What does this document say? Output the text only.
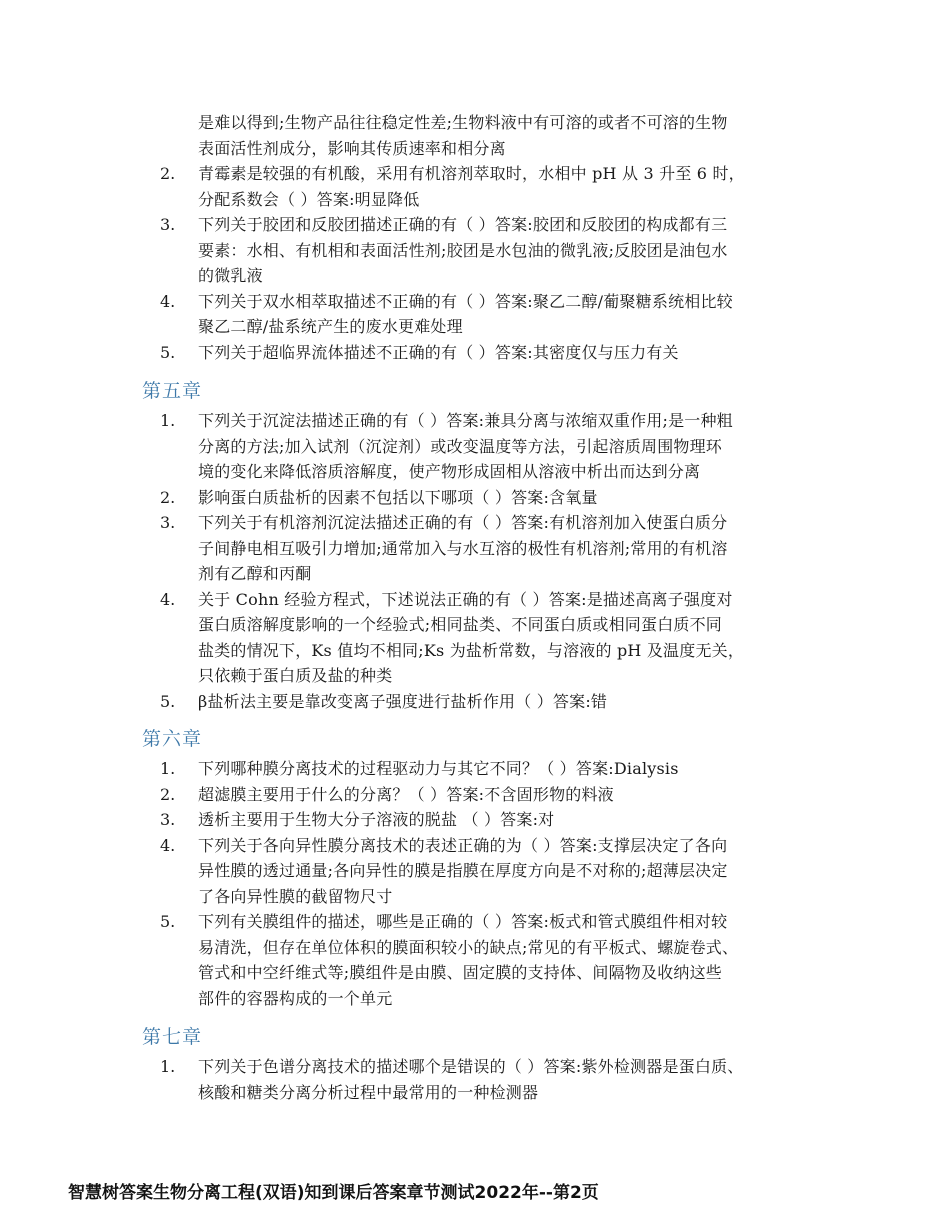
是难以得到;生物产品往往稳定性差;生物料液中有可溶的或者不可溶的生物
表面活性剂成分，影响其传质速率和相分离
2.	青霉素是较强的有机酸，采用有机溶剂萃取时，水相中 pH 从 3 升至 6 时，
分配系数会（ ）答案:明显降低
3.	下列关于胶团和反胶团描述正确的有（ ）答案:胶团和反胶团的构成都有三
要素：水相、有机相和表面活性剂;胶团是水包油的微乳液;反胶团是油包水
的微乳液
4.	下列关于双水相萃取描述不正确的有（ ）答案:聚乙二醇/葡聚糖系统相比较
聚乙二醇/盐系统产生的废水更难处理
5.	下列关于超临界流体描述不正确的有（ ）答案:其密度仅与压力有关
第五章
1.	下列关于沉淀法描述正确的有（ ）答案:兼具分离与浓缩双重作用;是一种粗
分离的方法;加入试剂（沉淀剂）或改变温度等方法，引起溶质周围物理环
境的变化来降低溶质溶解度，使产物形成固相从溶液中析出而达到分离
2.	影响蛋白质盐析的因素不包括以下哪项（ ）答案:含氧量
3.	下列关于有机溶剂沉淀法描述正确的有（ ）答案:有机溶剂加入使蛋白质分
子间静电相互吸引力增加;通常加入与水互溶的极性有机溶剂;常用的有机溶
剂有乙醇和丙酮
4.	关于 Cohn 经验方程式，下述说法正确的有（ ）答案:是描述高离子强度对
蛋白质溶解度影响的一个经验式;相同盐类、不同蛋白质或相同蛋白质不同
盐类的情况下，Ks 值均不相同;Ks 为盐析常数，与溶液的 pH 及温度无关，
只依赖于蛋白质及盐的种类
5.	β盐析法主要是靠改变离子强度进行盐析作用（ ）答案:错
第六章
1.	下列哪种膜分离技术的过程驱动力与其它不同？（ ）答案:Dialysis
2.	超滤膜主要用于什么的分离？（ ）答案:不含固形物的料液
3.	透析主要用于生物大分子溶液的脱盐 （ ）答案:对
4.	下列关于各向异性膜分离技术的表述正确的为（ ）答案:支撑层决定了各向
异性膜的透过通量;各向异性的膜是指膜在厚度方向是不对称的;超薄层决定
了各向异性膜的截留物尺寸
5.	下列有关膜组件的描述，哪些是正确的（ ）答案:板式和管式膜组件相对较
易清洗，但存在单位体积的膜面积较小的缺点;常见的有平板式、螺旋卷式、
管式和中空纤维式等;膜组件是由膜、固定膜的支持体、间隔物及收纳这些
部件的容器构成的一个单元
第七章
1.	下列关于色谱分离技术的描述哪个是错误的（ ）答案:紫外检测器是蛋白质、
核酸和糖类分离分析过程中最常用的一种检测器
智慧树答案生物分离工程(双语)知到课后答案章节测试2022年--第2页
